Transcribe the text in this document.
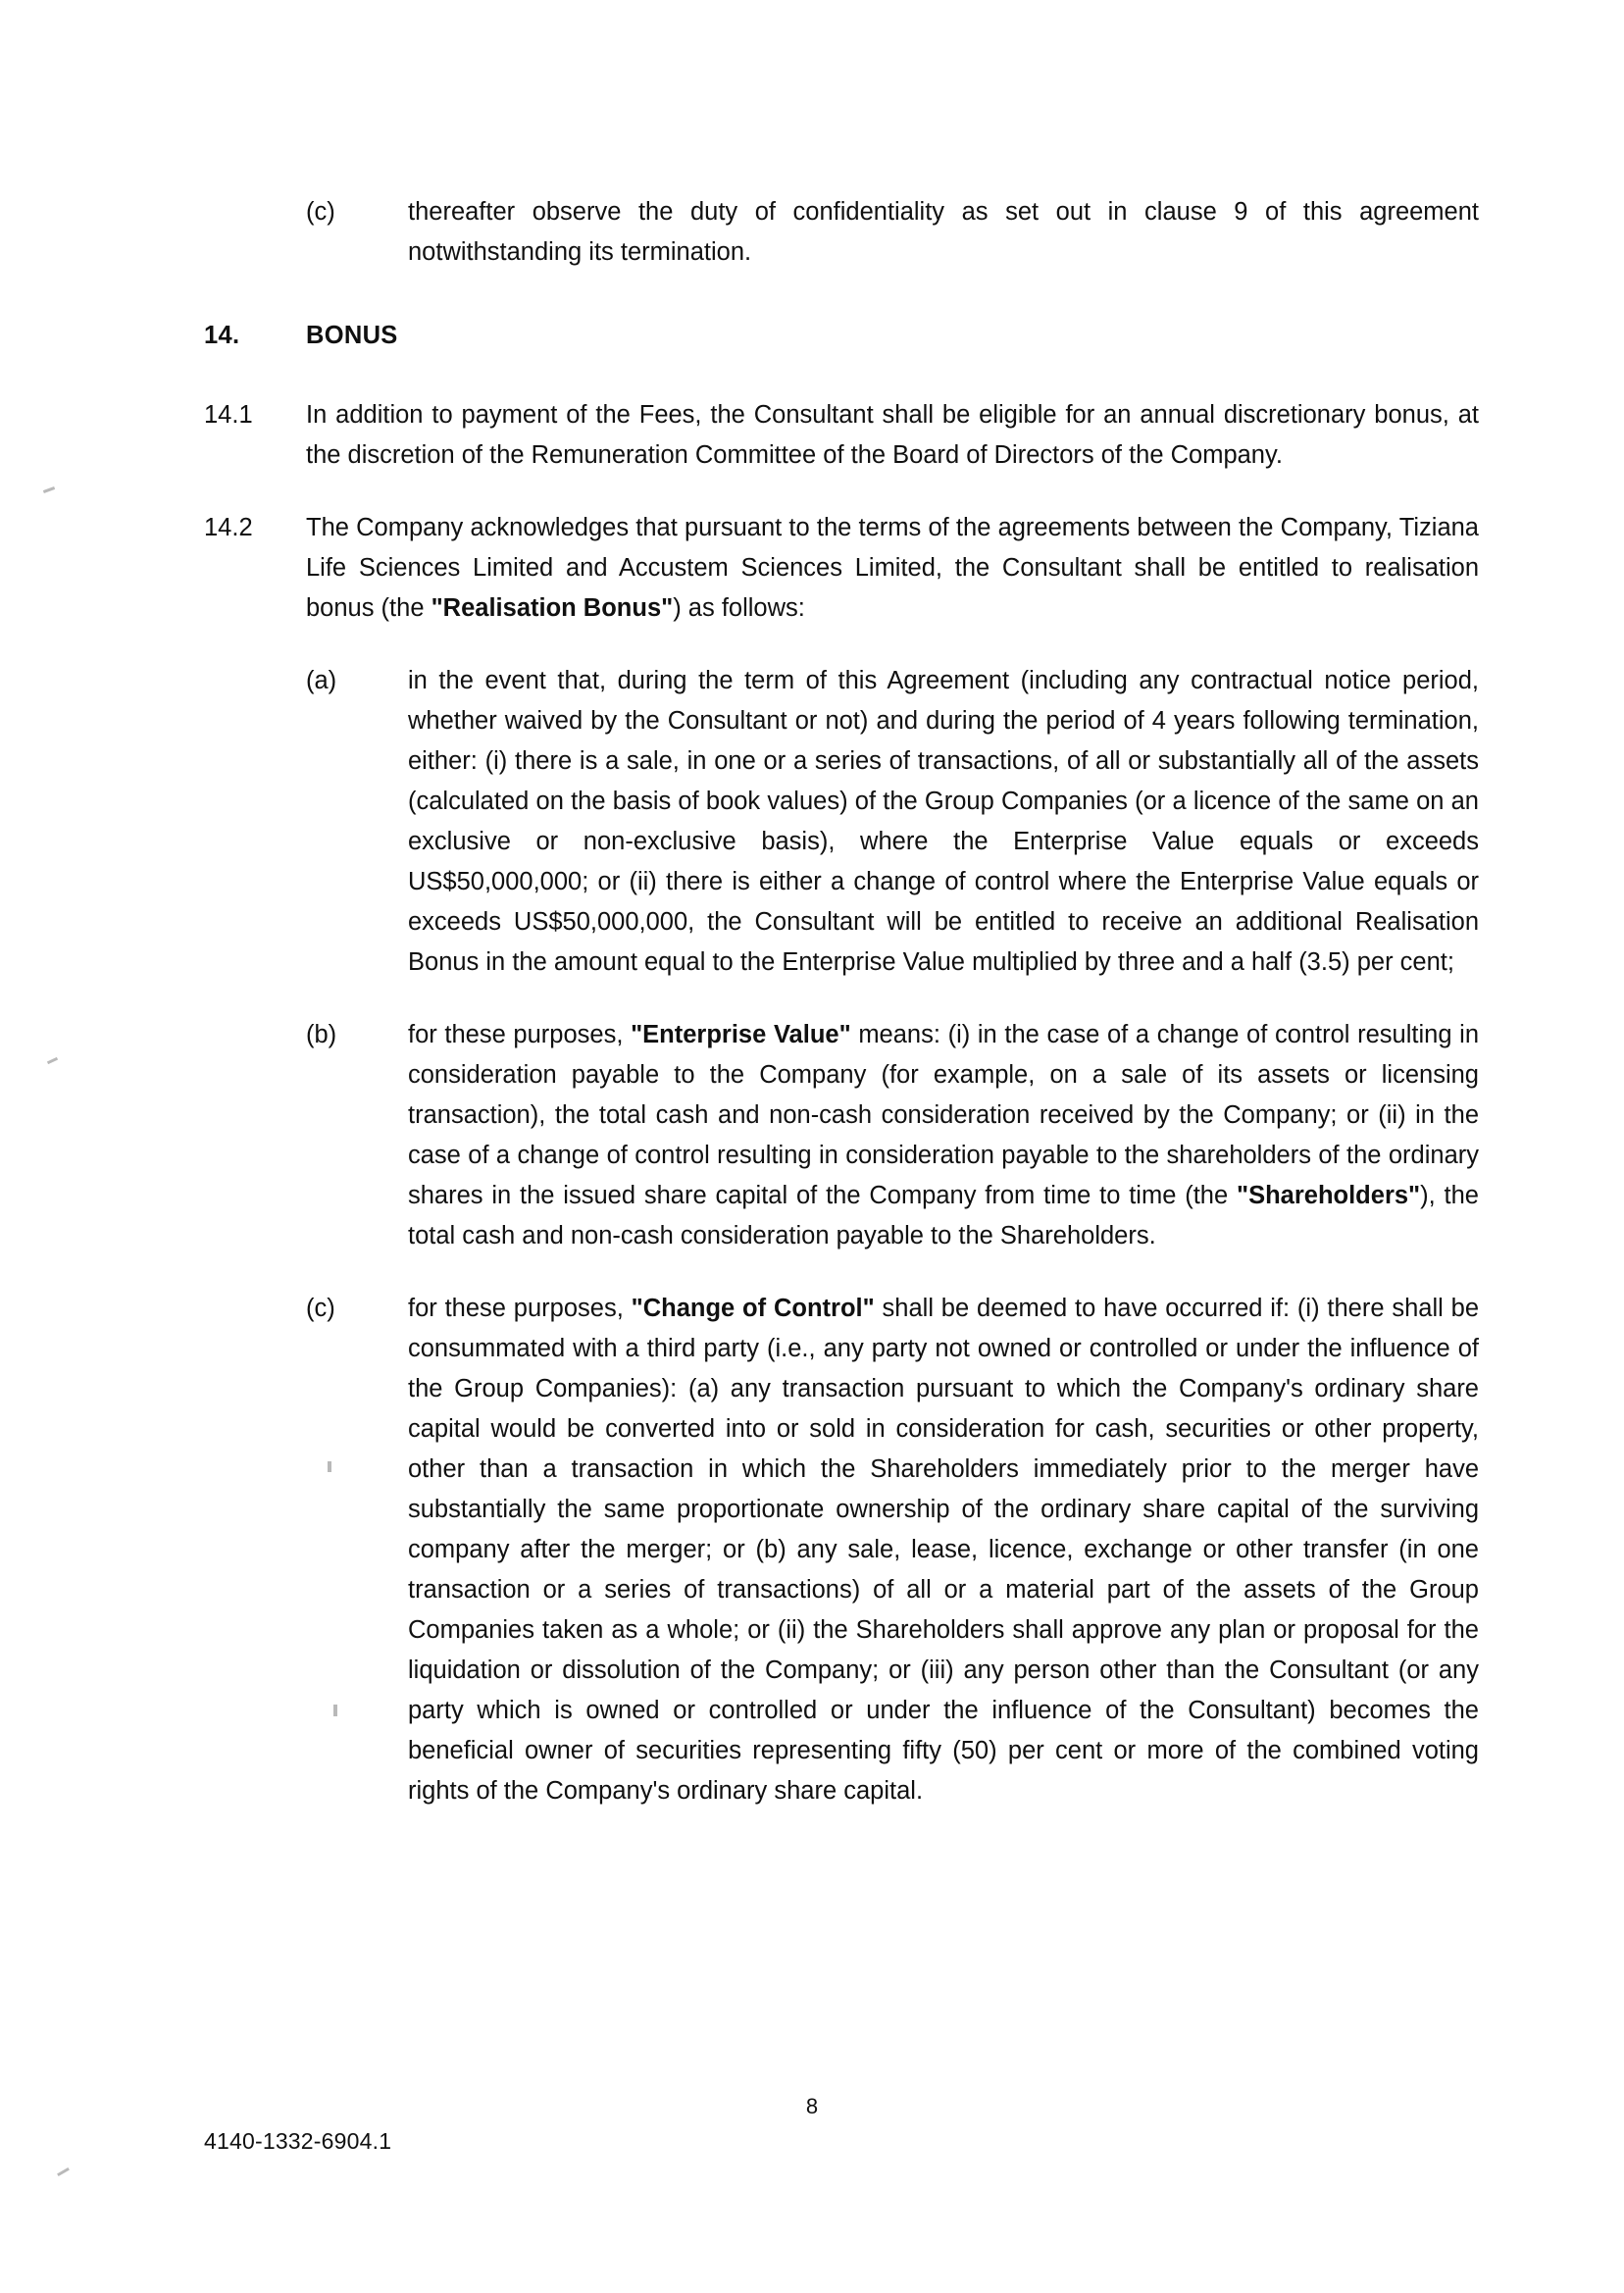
(c)	thereafter observe the duty of confidentiality as set out in clause 9 of this agreement notwithstanding its termination.
14.	BONUS
14.1	In addition to payment of the Fees, the Consultant shall be eligible for an annual discretionary bonus, at the discretion of the Remuneration Committee of the Board of Directors of the Company.
14.2	The Company acknowledges that pursuant to the terms of the agreements between the Company, Tiziana Life Sciences Limited and Accustem Sciences Limited, the Consultant shall be entitled to realisation bonus (the "Realisation Bonus") as follows:
(a)	in the event that, during the term of this Agreement (including any contractual notice period, whether waived by the Consultant or not) and during the period of 4 years following termination, either: (i) there is a sale, in one or a series of transactions, of all or substantially all of the assets (calculated on the basis of book values) of the Group Companies (or a licence of the same on an exclusive or non-exclusive basis), where the Enterprise Value equals or exceeds US$50,000,000; or (ii) there is either a change of control where the Enterprise Value equals or exceeds US$50,000,000, the Consultant will be entitled to receive an additional Realisation Bonus in the amount equal to the Enterprise Value multiplied by three and a half (3.5) per cent;
(b)	for these purposes, "Enterprise Value" means: (i) in the case of a change of control resulting in consideration payable to the Company (for example, on a sale of its assets or licensing transaction), the total cash and non-cash consideration received by the Company; or (ii) in the case of a change of control resulting in consideration payable to the shareholders of the ordinary shares in the issued share capital of the Company from time to time (the "Shareholders"), the total cash and non-cash consideration payable to the Shareholders.
(c)	for these purposes, "Change of Control" shall be deemed to have occurred if: (i) there shall be consummated with a third party (i.e., any party not owned or controlled or under the influence of the Group Companies): (a) any transaction pursuant to which the Company's ordinary share capital would be converted into or sold in consideration for cash, securities or other property, other than a transaction in which the Shareholders immediately prior to the merger have substantially the same proportionate ownership of the ordinary share capital of the surviving company after the merger; or (b) any sale, lease, licence, exchange or other transfer (in one transaction or a series of transactions) of all or a material part of the assets of the Group Companies taken as a whole; or (ii) the Shareholders shall approve any plan or proposal for the liquidation or dissolution of the Company; or (iii) any person other than the Consultant (or any party which is owned or controlled or under the influence of the Consultant) becomes the beneficial owner of securities representing fifty (50) per cent or more of the combined voting rights of the Company's ordinary share capital.
8
4140-1332-6904.1
